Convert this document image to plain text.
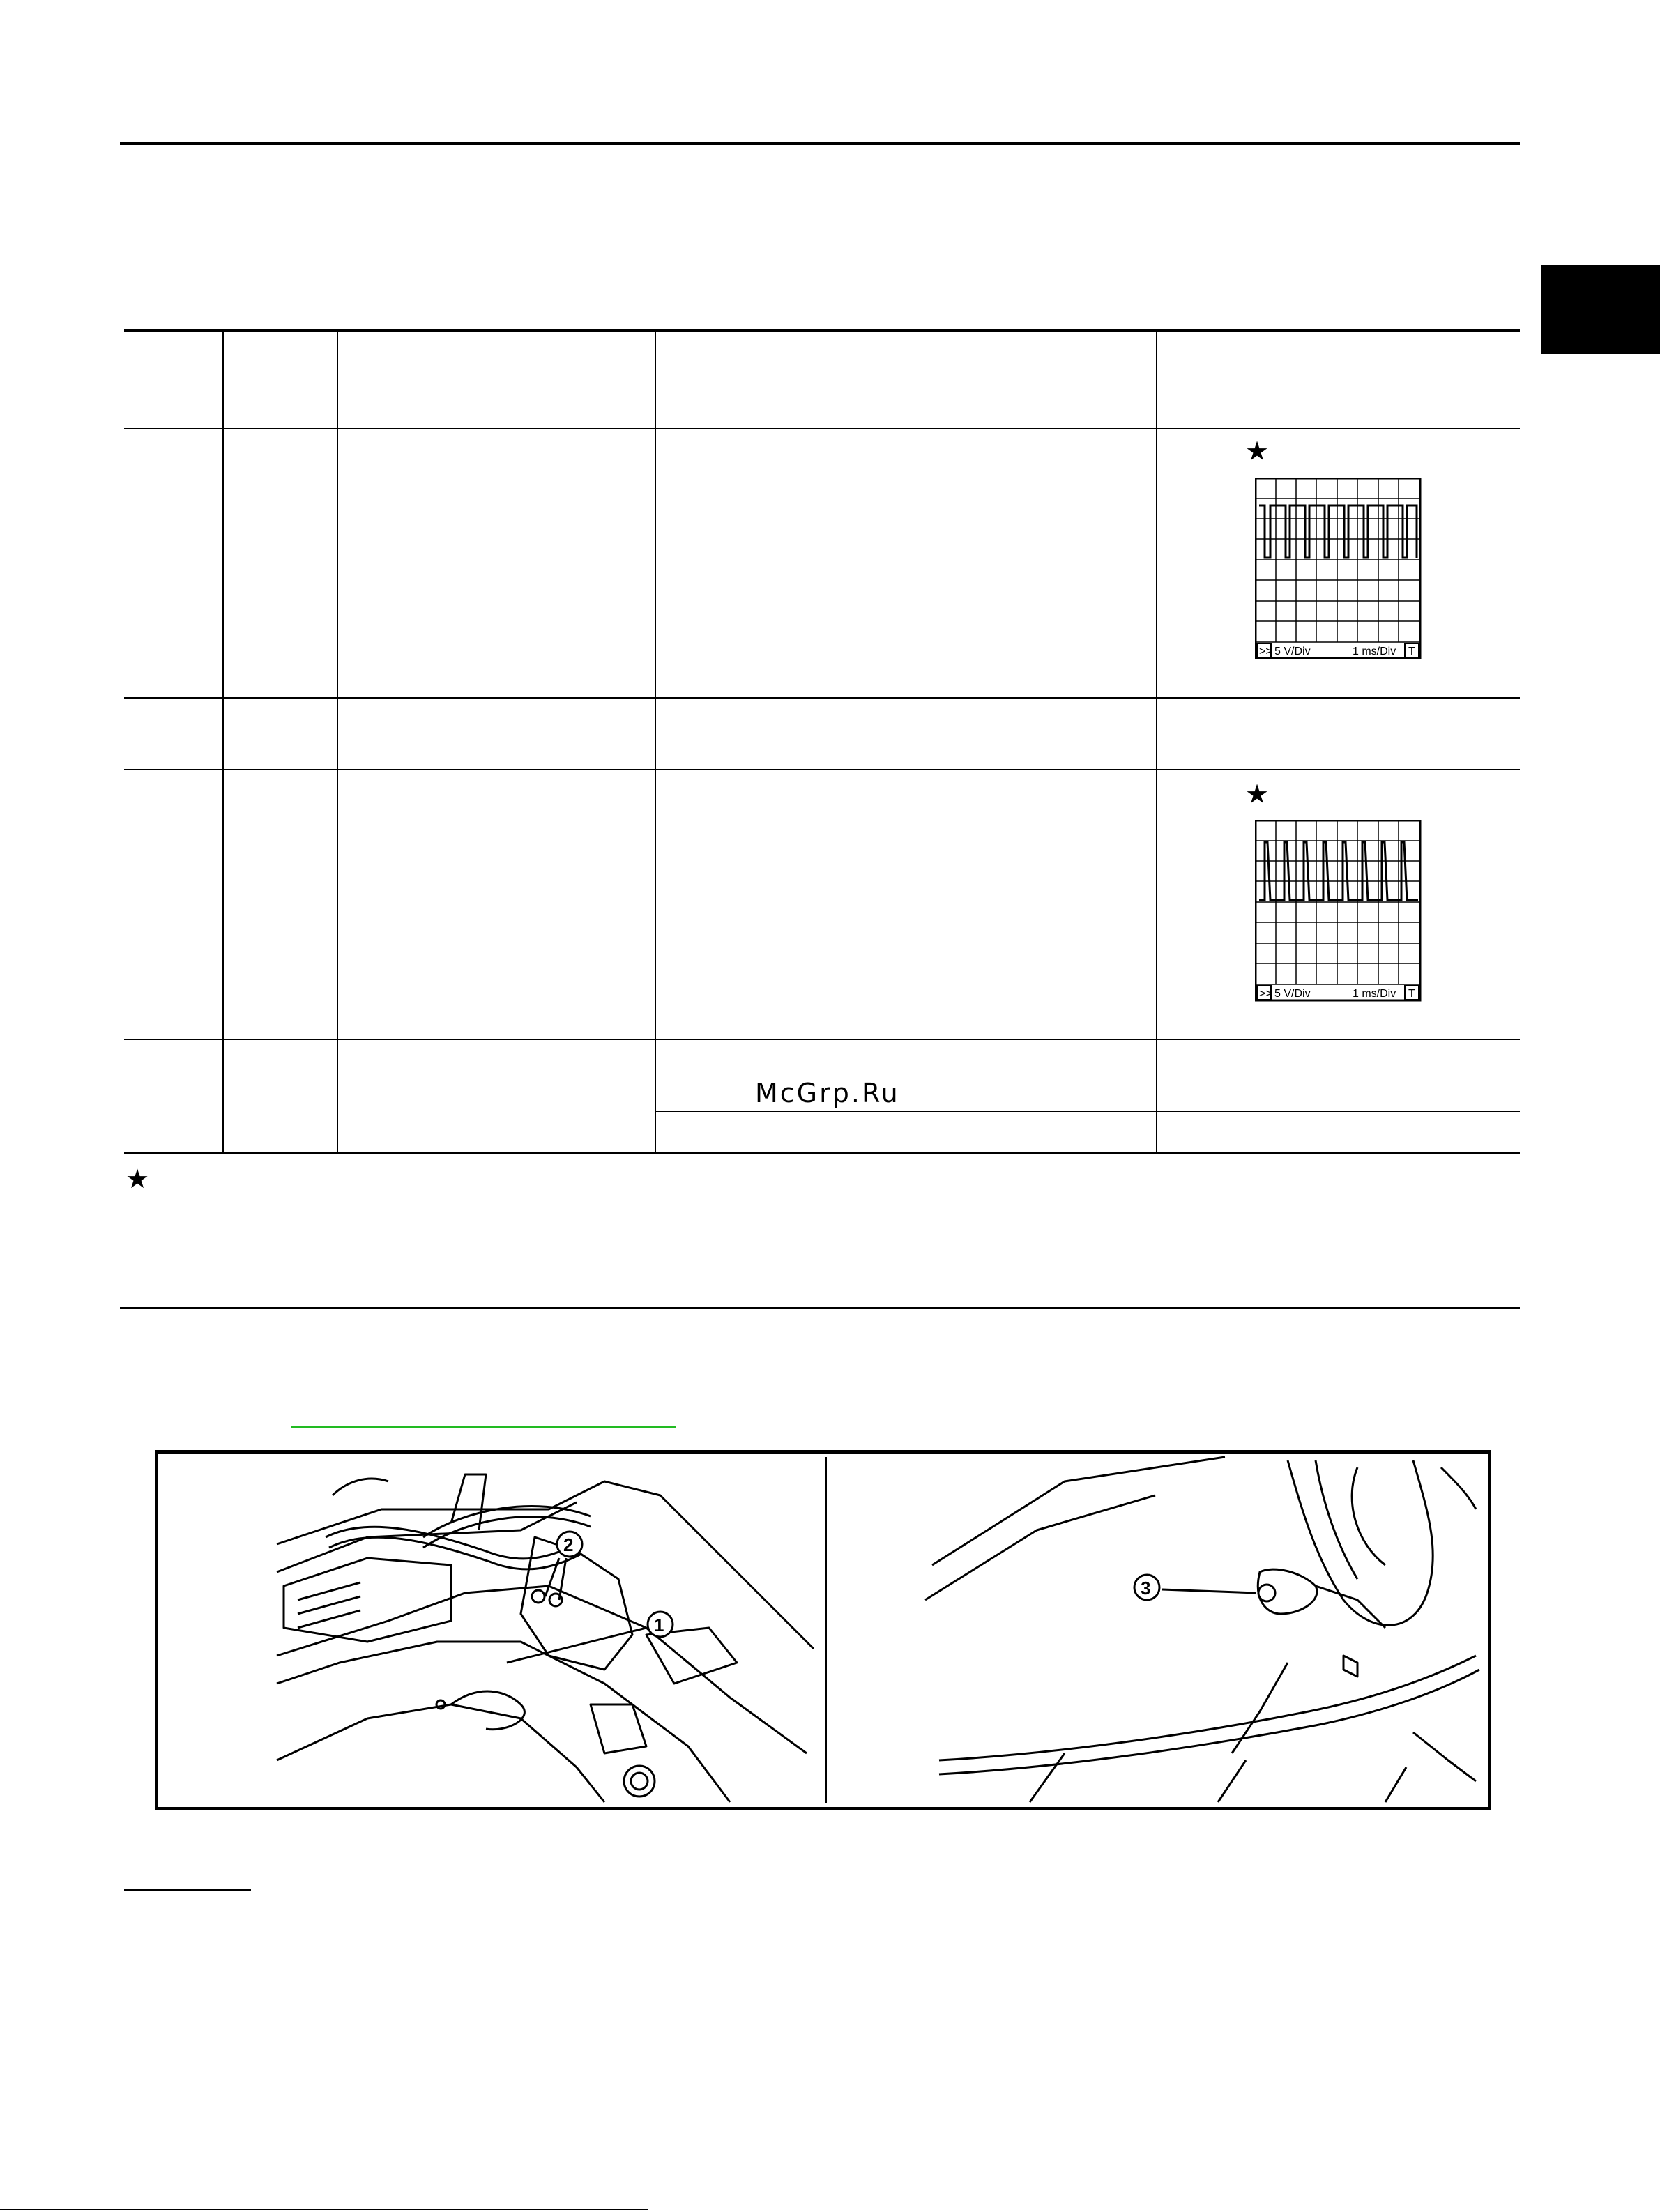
★
>> 5 V/Div	1 ms/Div T
★
>> 5 V/Div	1 ms/Div T
McGrp.Ru
★
1
2
3
